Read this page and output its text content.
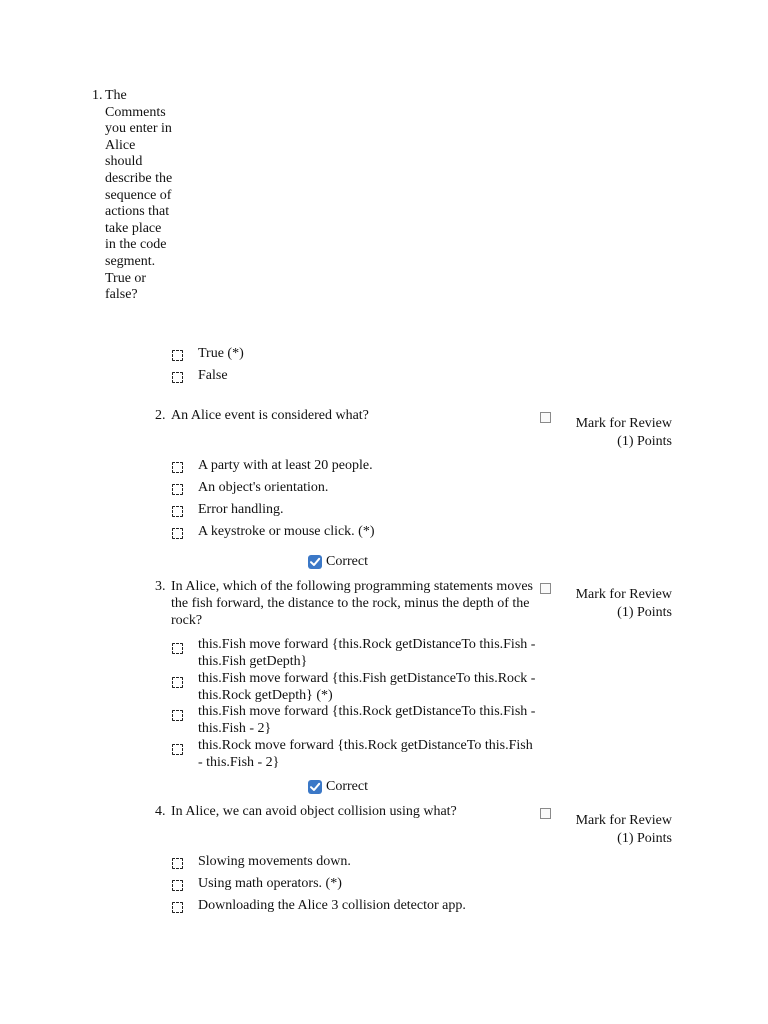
1. The Comments you enter in Alice should describe the sequence of actions that take place in the code segment. True or false?
True (*)
False
2. An Alice event is considered what?
Mark for Review
(1) Points
A party with at least 20 people.
An object's orientation.
Error handling.
A keystroke or mouse click. (*)
Correct
3. In Alice, which of the following programming statements moves the fish forward, the distance to the rock, minus the depth of the rock?
Mark for Review
(1) Points
this.Fish move forward {this.Rock getDistanceTo this.Fish - this.Fish getDepth}
this.Fish move forward {this.Fish getDistanceTo this.Rock - this.Rock getDepth} (*)
this.Fish move forward {this.Rock getDistanceTo this.Fish - this.Fish - 2}
this.Rock move forward {this.Rock getDistanceTo this.Fish - this.Fish - 2}
Correct
4. In Alice, we can avoid object collision using what?
Mark for Review
(1) Points
Slowing movements down.
Using math operators. (*)
Downloading the Alice 3 collision detector app.
